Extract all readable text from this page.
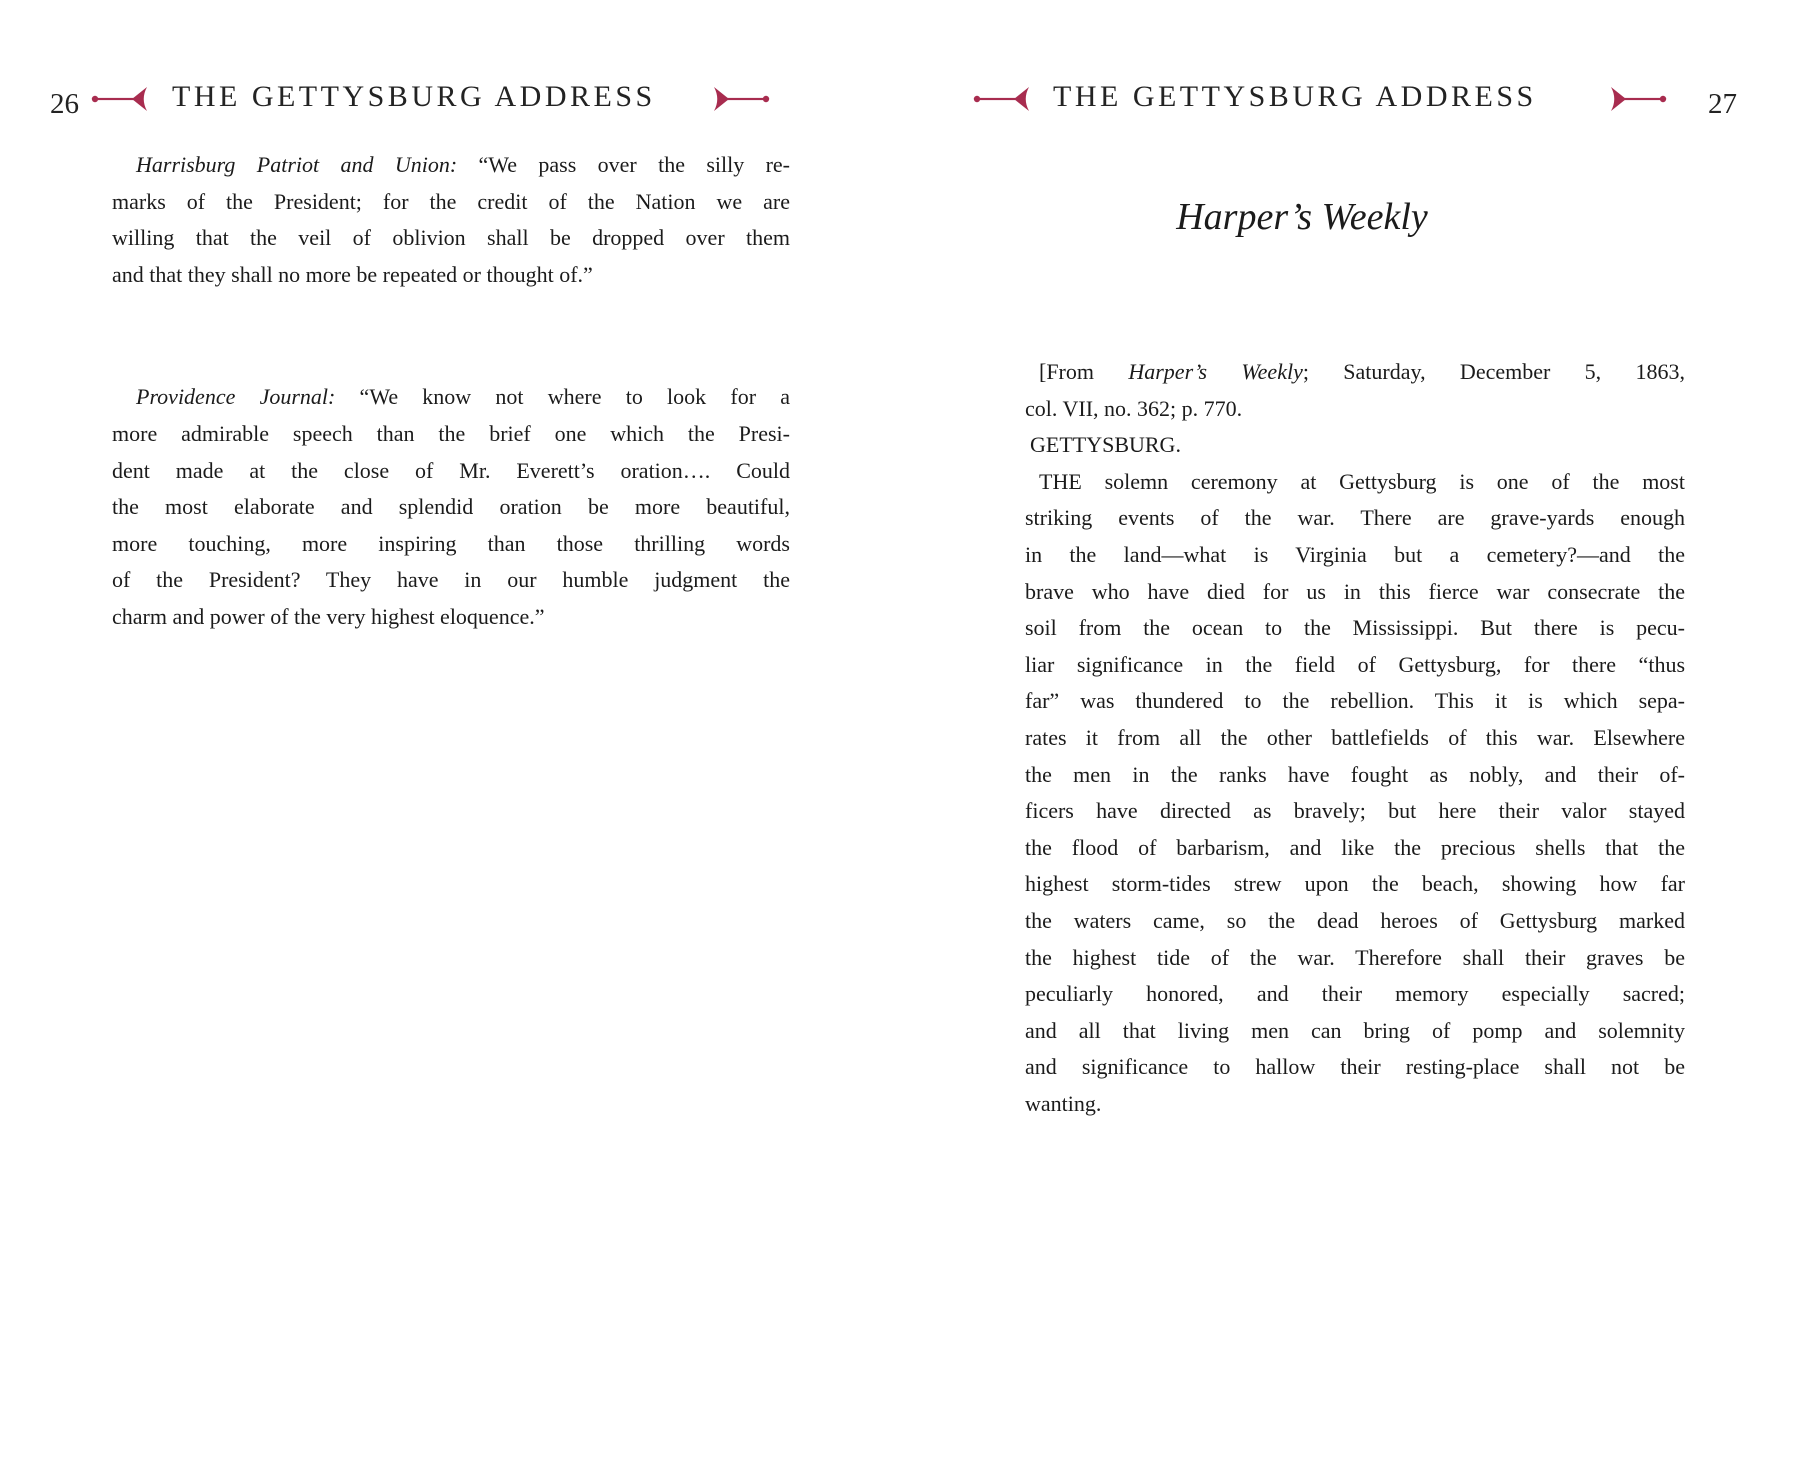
26	THE GETTYSBURG ADDRESS
Harrisburg Patriot and Union: “We pass over the silly re-
marks of the President; for the credit of the Nation we are
willing that the veil of oblivion shall be dropped over them
and that they shall no more be repeated or thought of.”
Providence Journal: “We know not where to look for a
more admirable speech than the brief one which the Presi-
dent made at the close of Mr. Everett’s oration…. Could
the most elaborate and splendid oration be more beautiful,
more touching, more inspiring than those thrilling words
of the President? They have in our humble judgment the
charm and power of the very highest eloquence.”
THE GETTYSBURG ADDRESS	27
Harper’s Weekly
[From Harper’s Weekly; Saturday, December 5, 1863,
col. VII, no. 362; p. 770.
GETTYSBURG.
THE solemn ceremony at Gettysburg is one of the most
striking events of the war. There are grave-yards enough
in the land—what is Virginia but a cemetery?—and the
brave who have died for us in this fierce war consecrate the
soil from the ocean to the Mississippi. But there is pecu-
liar significance in the field of Gettysburg, for there “thus
far” was thundered to the rebellion. This it is which sepa-
rates it from all the other battlefields of this war. Elsewhere
the men in the ranks have fought as nobly, and their of-
ficers have directed as bravely; but here their valor stayed
the flood of barbarism, and like the precious shells that the
highest storm-tides strew upon the beach, showing how far
the waters came, so the dead heroes of Gettysburg marked
the highest tide of the war. Therefore shall their graves be
peculiarly honored, and their memory especially sacred;
and all that living men can bring of pomp and solemnity
and significance to hallow their resting-place shall not be
wanting.
